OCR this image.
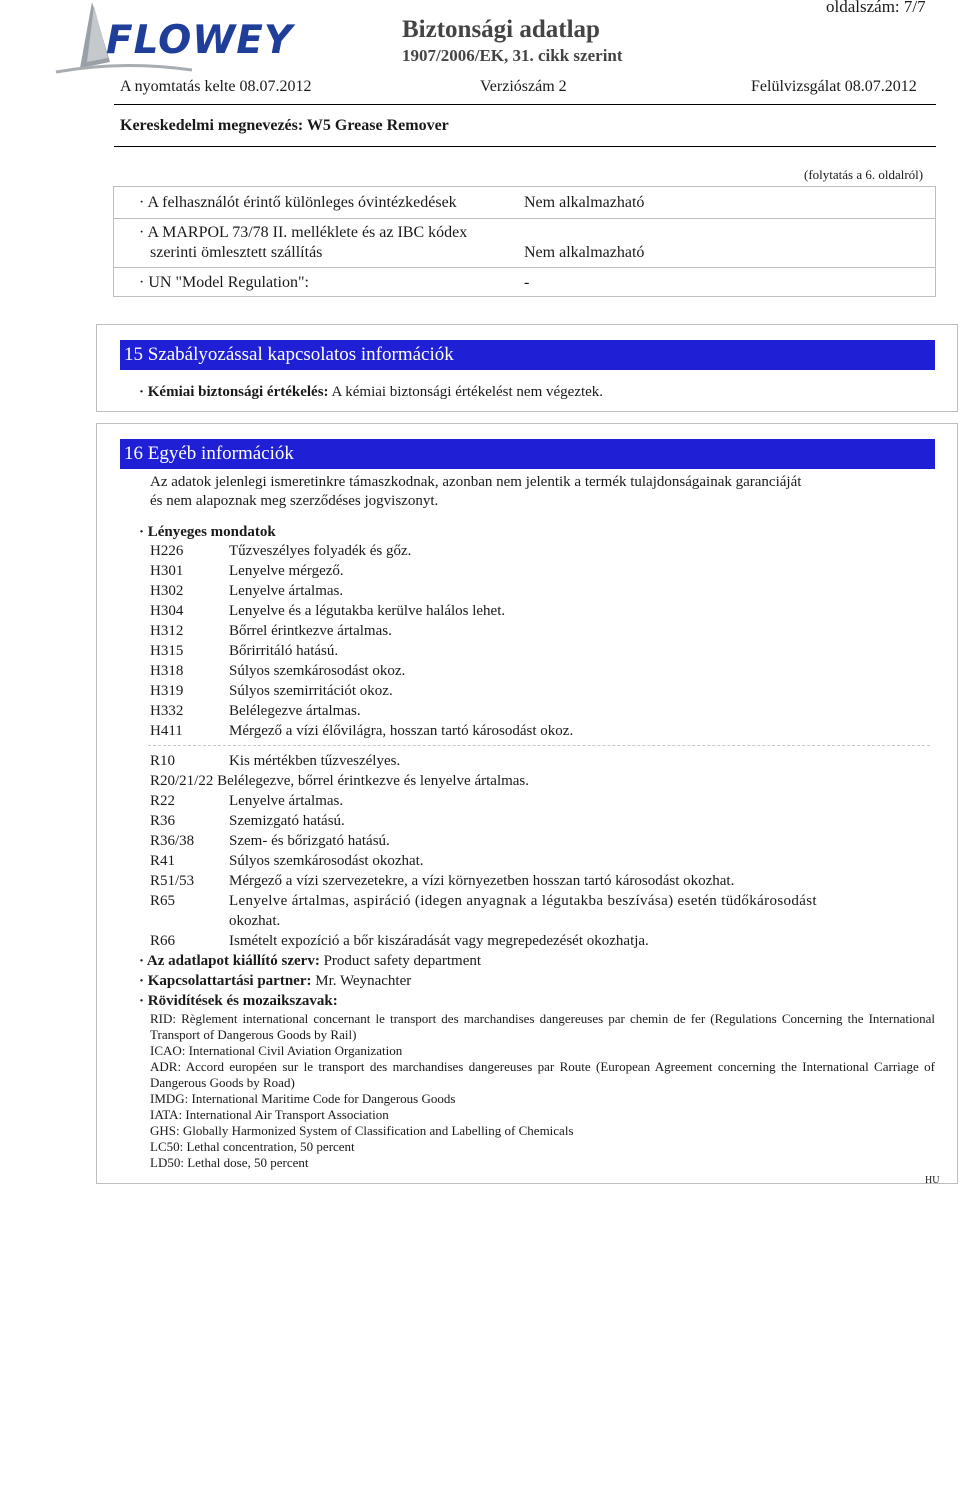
FLOWEY	Biztonsági adatlap
1907/2006/EK, 31. cikk szerint
oldalszám: 7/7
A nyomtatás kelte 08.07.2012	Verziószám 2	Felülvizsgálat 08.07.2012
Kereskedelmi megnevezés: W5 Grease Remover
(folytatás a 6. oldalról)
· A felhasználót érintő különleges óvintézkedések	Nem alkalmazható
· A MARPOL 73/78 II. melléklete és az IBC kódex
szerinti ömlesztett szállítás	Nem alkalmazható
· UN "Model Regulation":	-
15 Szabályozással kapcsolatos információk
· Kémiai biztonsági értékelés: A kémiai biztonsági értékelést nem végeztek.
16 Egyéb információk
Az adatok jelenlegi ismeretinkre támaszkodnak, azonban nem jelentik a termék tulajdonságainak garanciáját
és nem alapoznak meg szerződéses jogviszonyt.
· Lényeges mondatok
H226	Tűzveszélyes folyadék és gőz.
H301	Lenyelve mérgező.
H302	Lenyelve ártalmas.
H304	Lenyelve és a légutakba kerülve halálos lehet.
H312	Bőrrel érintkezve ártalmas.
H315	Bőrirritáló hatású.
H318	Súlyos szemkárosodást okoz.
H319	Súlyos szemirritációt okoz.
H332	Belélegezve ártalmas.
H411	Mérgező a vízi élővilágra, hosszan tartó károsodást okoz.
R10	Kis mértékben tűzveszélyes.
R20/21/22 Belélegezve, bőrrel érintkezve és lenyelve ártalmas.
R22	Lenyelve ártalmas.
R36	Szemizgató hatású.
R36/38 Szem- és bőrizgató hatású.
R41	Súlyos szemkárosodást okozhat.
R51/53 Mérgező a vízi szervezetekre, a vízi környezetben hosszan tartó károsodást okozhat.
R65	Lenyelve ártalmas, aspiráció (idegen anyagnak a légutakba beszívása) esetén tüdőkárosodást
okozhat.
R66	Ismételt expozíció a bőr kiszáradását vagy megrepedezését okozhatja.
· Az adatlapot kiállító szerv: Product safety department
· Kapcsolattartási partner: Mr. Weynachter
· Rövidítések és mozaikszavak:
RID: Règlement international concernant le transport des marchandises dangereuses par chemin de fer (Regulations Concerning the International Transport of Dangerous Goods by Rail)
ICAO: International Civil Aviation Organization
ADR: Accord européen sur le transport des marchandises dangereuses par Route (European Agreement concerning the International Carriage of Dangerous Goods by Road)
IMDG: International Maritime Code for Dangerous Goods
IATA: International Air Transport Association
GHS: Globally Harmonized System of Classification and Labelling of Chemicals
LC50: Lethal concentration, 50 percent
LD50: Lethal dose, 50 percent
HU
